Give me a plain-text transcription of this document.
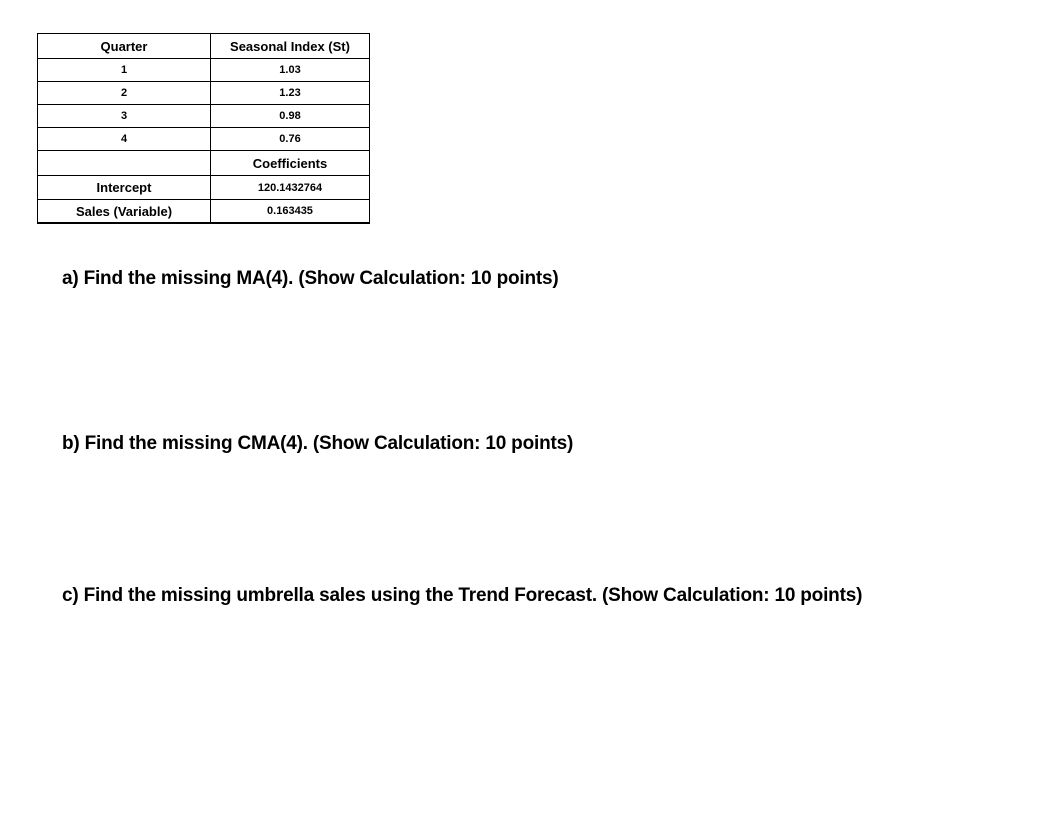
Quarter	Seasonal Index (St)
1	1.03
2	1.23
3	0.98
4	0.76
	Coefficients
Intercept	120.1432764
Sales (Variable)	0.163435

a) Find the missing MA(4). (Show Calculation: 10 points)

b) Find the missing CMA(4). (Show Calculation: 10 points)

c) Find the missing umbrella sales using the Trend Forecast. (Show Calculation: 10 points)
